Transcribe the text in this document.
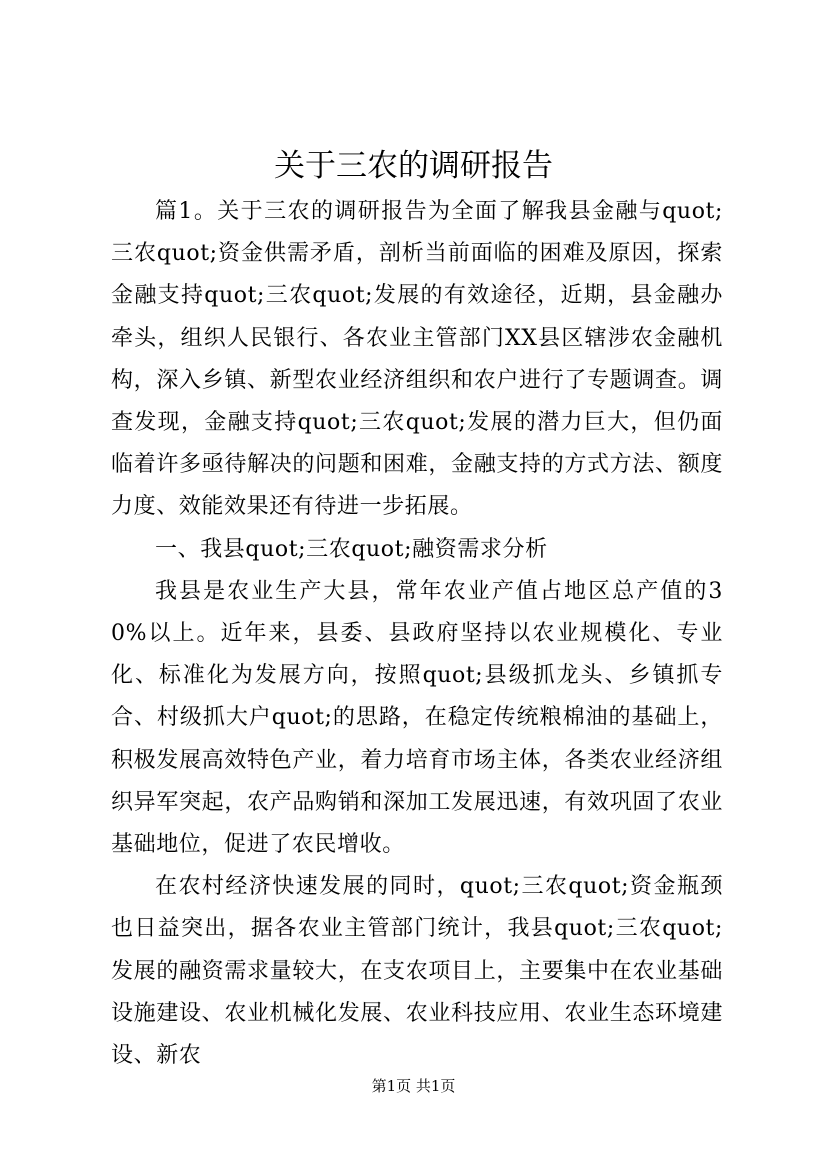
关于三农的调研报告

篇1。关于三农的调研报告为全面了解我县金融与quot;三农quot;资金供需矛盾，剖析当前面临的困难及原因，探索金融支持quot;三农quot;发展的有效途径，近期，县金融办牵头，组织人民银行、各农业主管部门XX县区辖涉农金融机构，深入乡镇、新型农业经济组织和农户进行了专题调查。调查发现，金融支持quot;三农quot;发展的潜力巨大，但仍面临着许多亟待解决的问题和困难，金融支持的方式方法、额度力度、效能效果还有待进一步拓展。

一、我县quot;三农quot;融资需求分析

我县是农业生产大县，常年农业产值占地区总产值的30%以上。近年来，县委、县政府坚持以农业规模化、专业化、标准化为发展方向，按照quot;县级抓龙头、乡镇抓专合、村级抓大户quot;的思路，在稳定传统粮棉油的基础上，积极发展高效特色产业，着力培育市场主体，各类农业经济组织异军突起，农产品购销和深加工发展迅速，有效巩固了农业基础地位，促进了农民增收。

在农村经济快速发展的同时，quot;三农quot;资金瓶颈也日益突出，据各农业主管部门统计，我县quot;三农quot;发展的融资需求量较大，在支农项目上，主要集中在农业基础设施建设、农业机械化发展、农业科技应用、农业生态环境建设、新农

第1页 共1页
